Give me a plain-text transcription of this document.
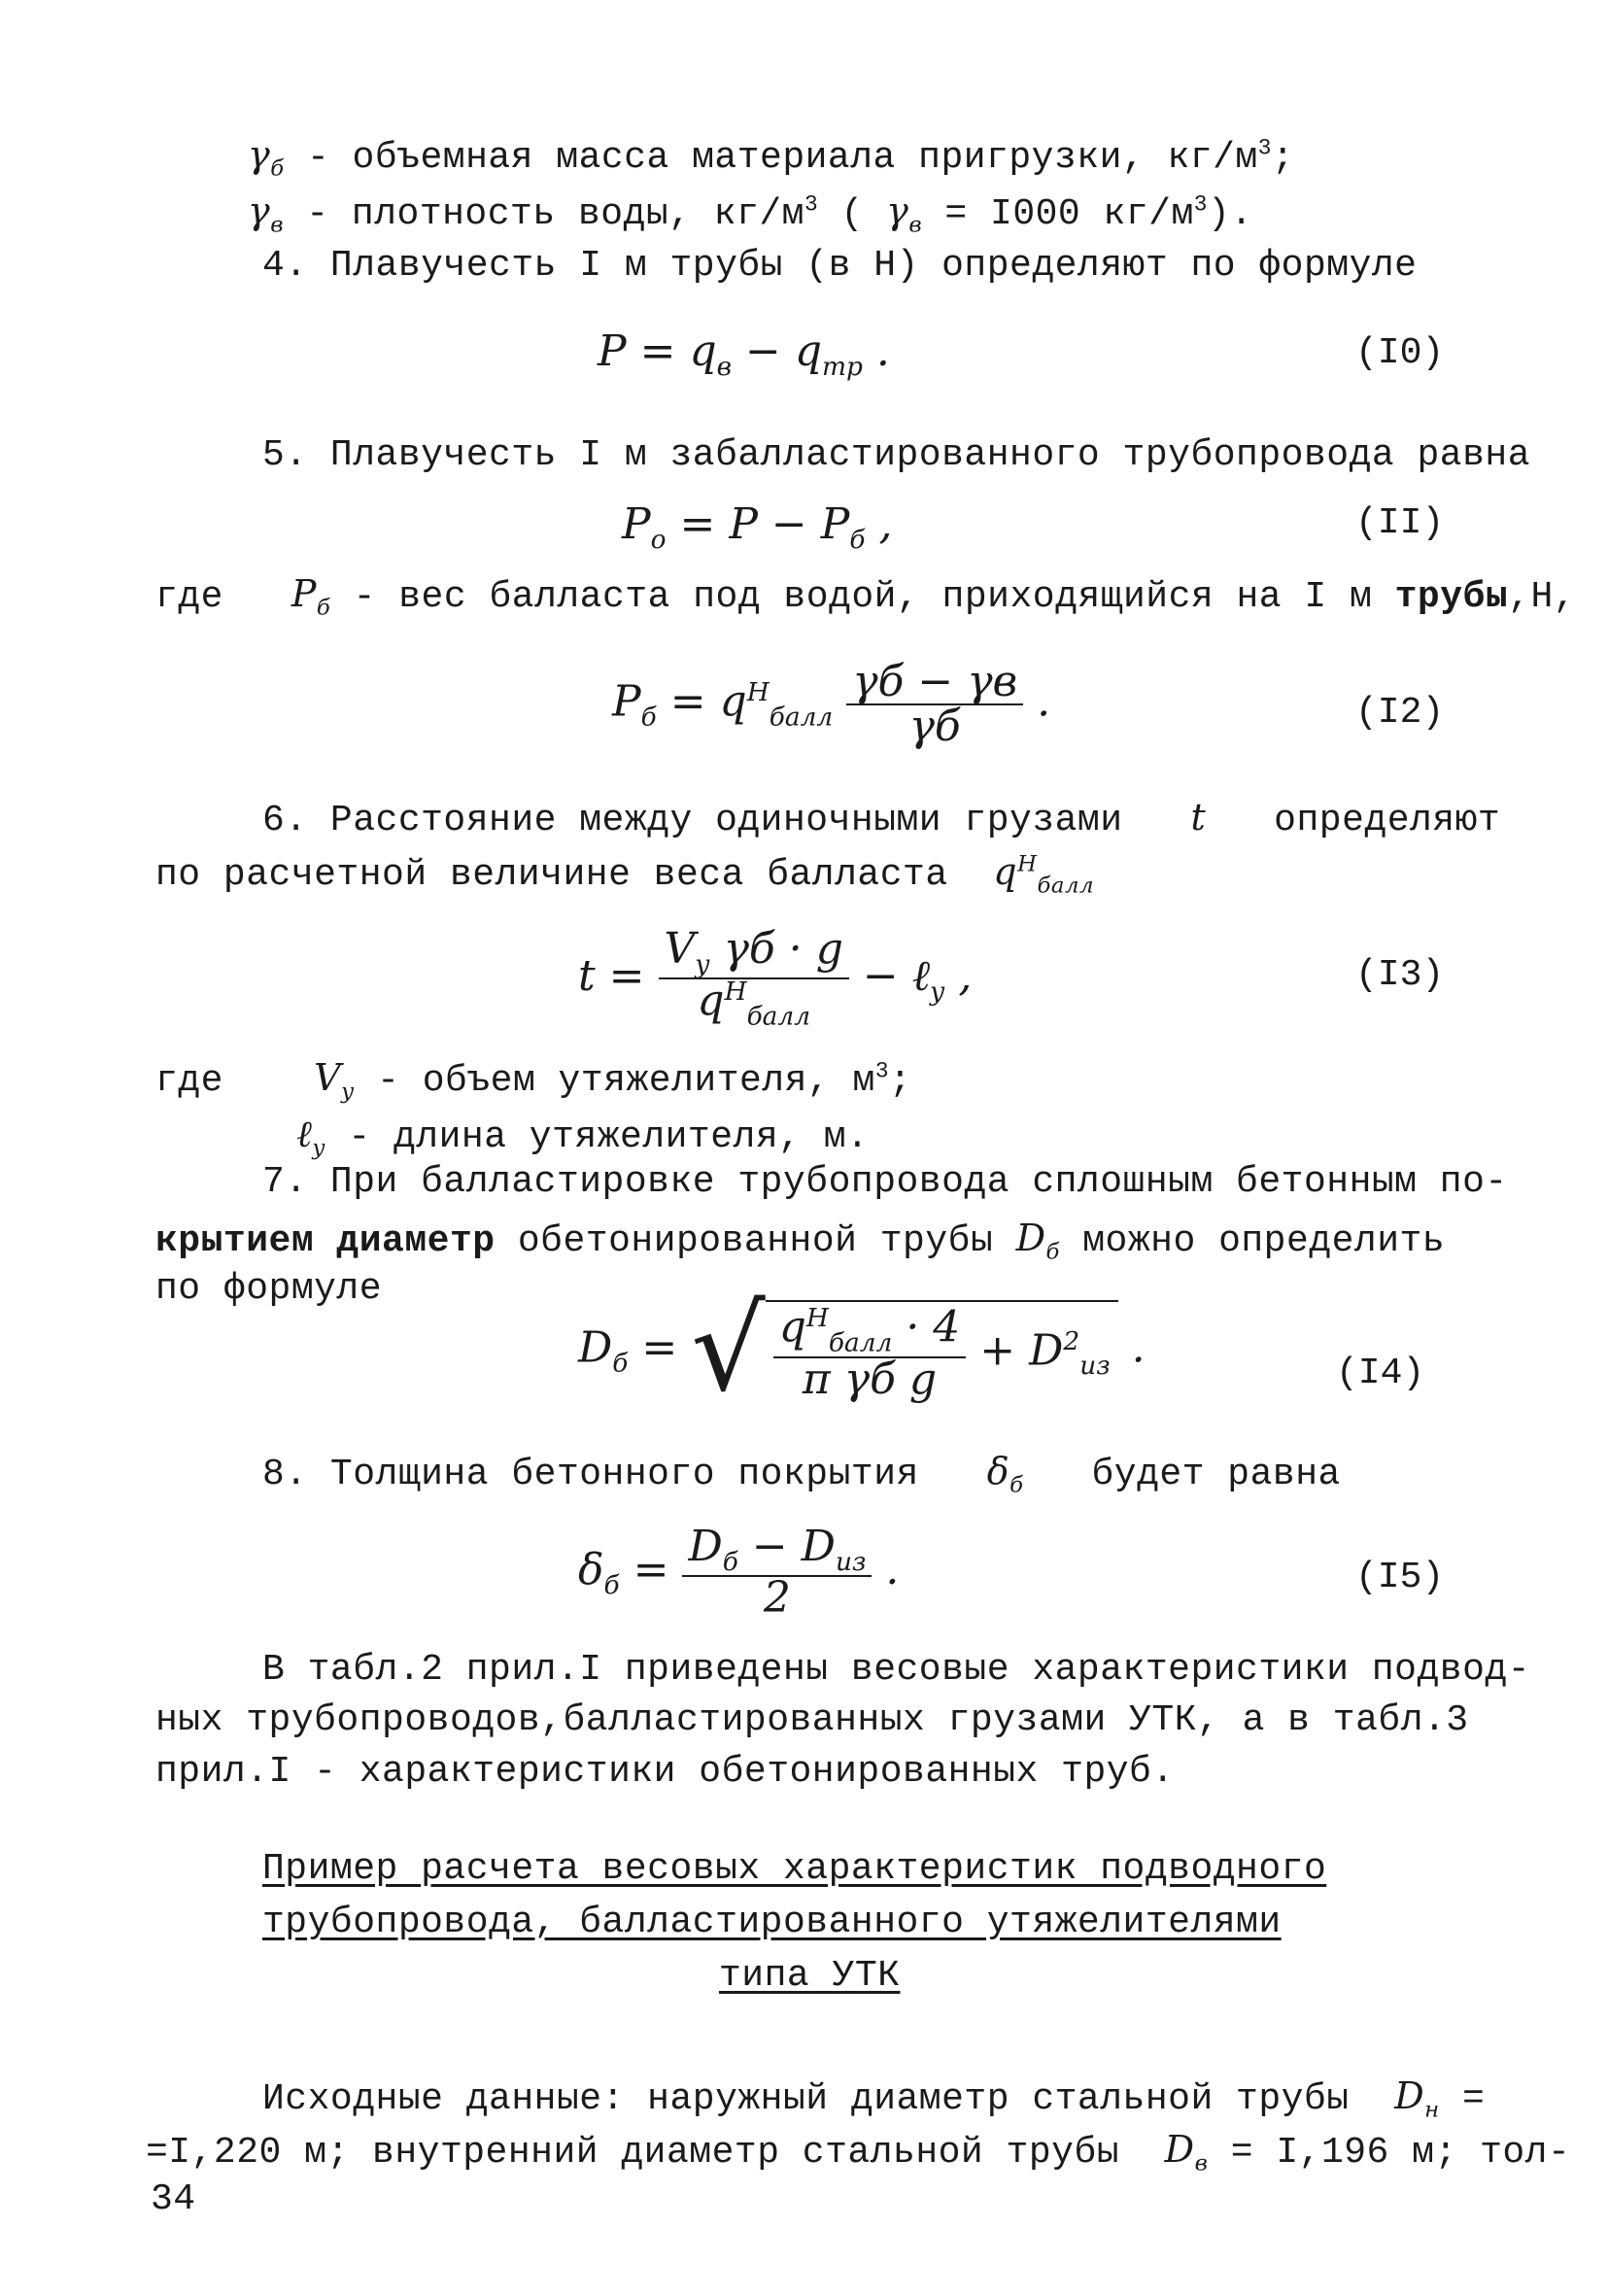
$\gamma_б$ - объемная масса материала пригрузки, $кг/м^3$;
$\gamma_в$ - плотность воды, $кг/м^3$ ( $\gamma_в = I000$ $кг/м^3$).
4. Плавучесть I м трубы (в Н) определяют по формуле
$P = q_в - q_{тр}$ .	(I0)
5. Плавучесть I м забалластированного трубопровода равна
$P_о = P - P_б$ ,	(II)
где $P_б$ - вес балласта под водой, приходящийся на I м трубы,Н,
$P_б = q^Н_{балл} \frac{\gamma б - \gamma в}{\gamma б}$ .	(I2)
6. Расстояние между одиночными грузами t определяют
по расчетной величине веса балласта $q^Н_{балл}$
$t = \frac{V_у \gamma б \cdot g}{q^Н_{балл}}$ − ℓ$_у$ ,	(I3)
где $V_у$ - объем утяжелителя, $м^3$;
ℓ$_у$ - длина утяжелителя, м.
7. При балластировке трубопровода сплошным бетонным по-
крытием диаметр обетонированной трубы $D_б$ можно определить
по формуле
$D_б$ = √ $\frac{q^Н_{балл} \cdot 4}{\text{π γб g}} + D^2_{из}$ .
(I4)
8. Толщина бетонного покрытия $\delta_б$ будет равна
$\delta_б = \frac{D_б - D_{из}}{2}$ .	(I5)
В табл.2 прил.I приведены весовые характеристики подвод-
ных трубопроводов,балластированных грузами УТК, а в табл.3
прил.I - характеристики обетонированных труб.
Пример расчета весовых характеристик подводного
трубопровода, балластированного утяжелителями
типа УТК
Исходные данные: наружный диаметр стальной трубы $D_н$ =
=I,220 м; внутренний диаметр стальной трубы $D_в = I,196$ м; тол-
34
